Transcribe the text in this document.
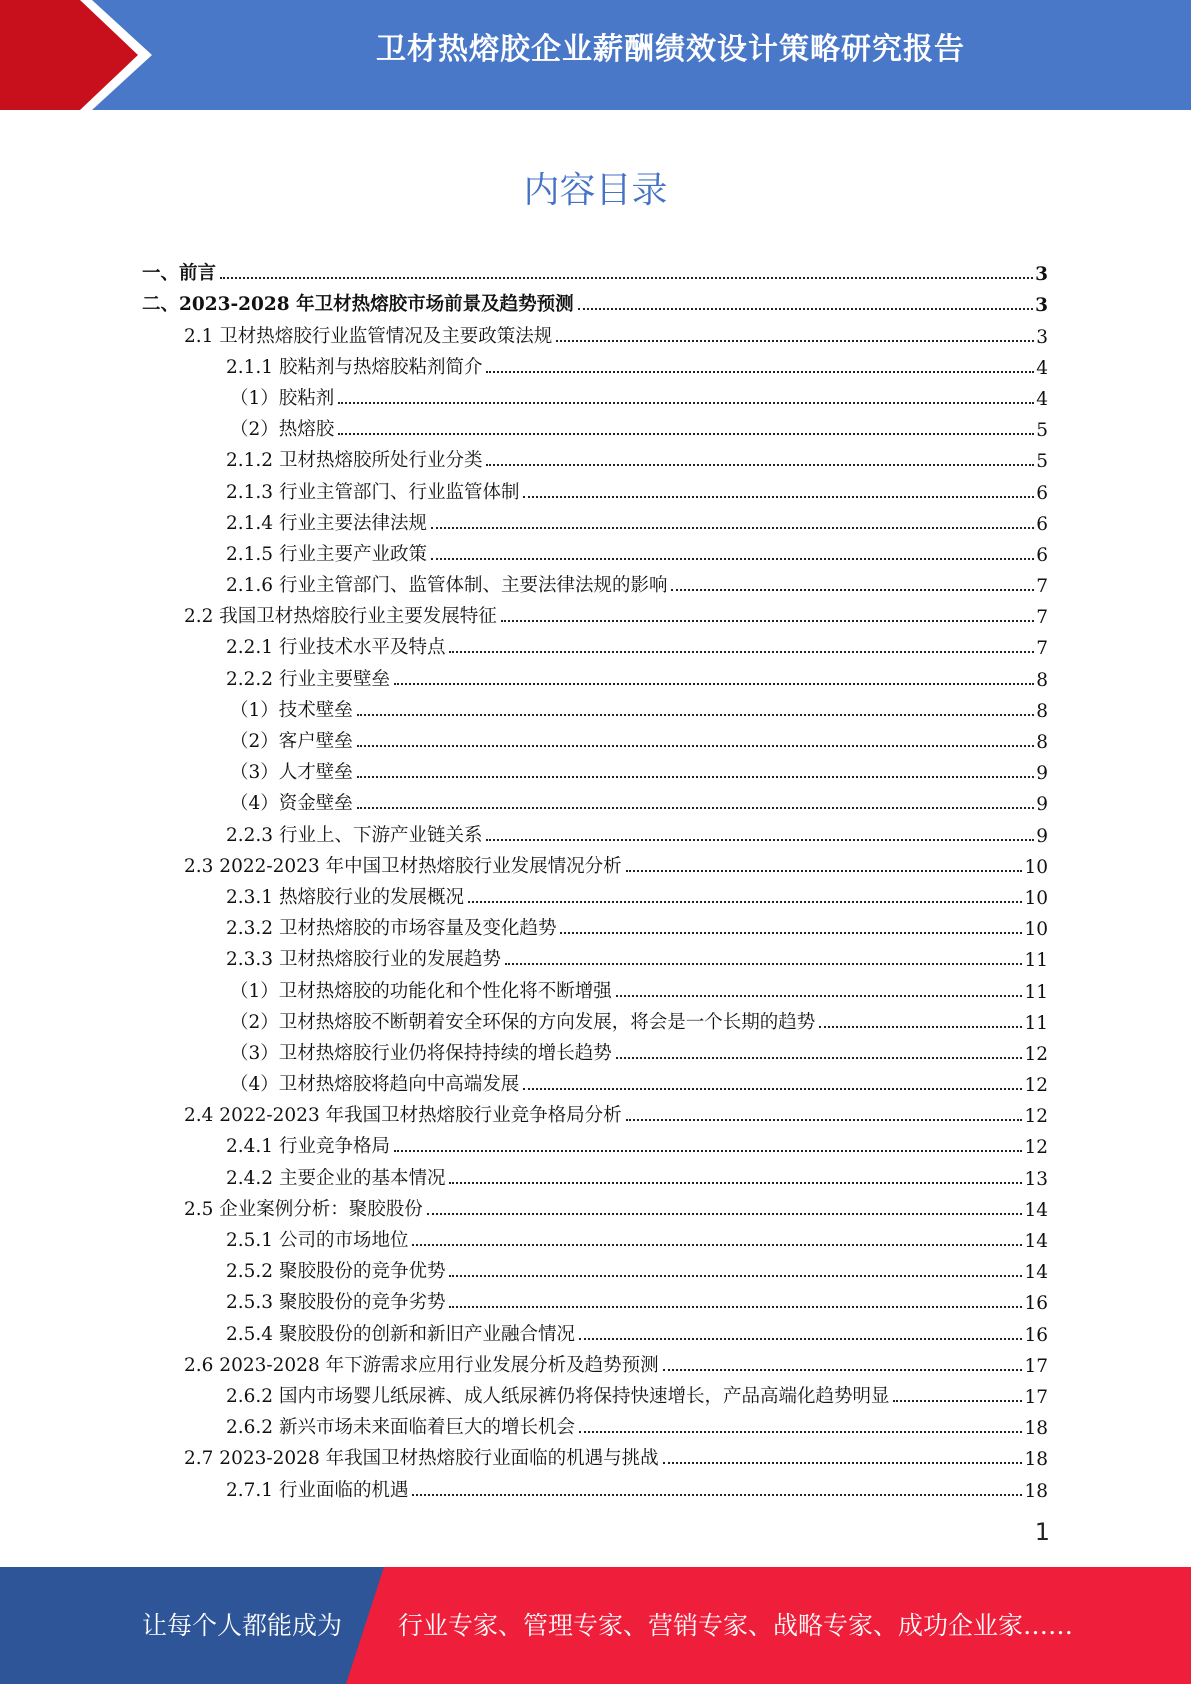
卫材热熔胶企业薪酬绩效设计策略研究报告
内容目录
一、前言	3
二、2023-2028 年卫材热熔胶市场前景及趋势预测	3
2.1 卫材热熔胶行业监管情况及主要政策法规	3
2.1.1 胶粘剂与热熔胶粘剂简介	4
（1）胶粘剂	4
（2）热熔胶	5
2.1.2 卫材热熔胶所处行业分类	5
2.1.3 行业主管部门、行业监管体制	6
2.1.4 行业主要法律法规	6
2.1.5 行业主要产业政策	6
2.1.6 行业主管部门、监管体制、主要法律法规的影响	7
2.2 我国卫材热熔胶行业主要发展特征	7
2.2.1 行业技术水平及特点	7
2.2.2 行业主要壁垒	8
（1）技术壁垒	8
（2）客户壁垒	8
（3）人才壁垒	9
（4）资金壁垒	9
2.2.3 行业上、下游产业链关系	9
2.3 2022-2023 年中国卫材热熔胶行业发展情况分析	10
2.3.1 热熔胶行业的发展概况	10
2.3.2 卫材热熔胶的市场容量及变化趋势	10
2.3.3 卫材热熔胶行业的发展趋势	11
（1）卫材热熔胶的功能化和个性化将不断增强	11
（2）卫材热熔胶不断朝着安全环保的方向发展，将会是一个长期的趋势	11
（3）卫材热熔胶行业仍将保持持续的增长趋势	12
（4）卫材热熔胶将趋向中高端发展	12
2.4 2022-2023 年我国卫材热熔胶行业竞争格局分析	12
2.4.1 行业竞争格局	12
2.4.2 主要企业的基本情况	13
2.5 企业案例分析：聚胶股份	14
2.5.1 公司的市场地位	14
2.5.2 聚胶股份的竞争优势	14
2.5.3 聚胶股份的竞争劣势	16
2.5.4 聚胶股份的创新和新旧产业融合情况	16
2.6 2023-2028 年下游需求应用行业发展分析及趋势预测	17
2.6.2 国内市场婴儿纸尿裤、成人纸尿裤仍将保持快速增长，产品高端化趋势明显	17
2.6.2 新兴市场未来面临着巨大的增长机会	18
2.7 2023-2028 年我国卫材热熔胶行业面临的机遇与挑战	18
2.7.1 行业面临的机遇	18
1
让每个人都能成为 行业专家、管理专家、营销专家、战略专家、成功企业家……
